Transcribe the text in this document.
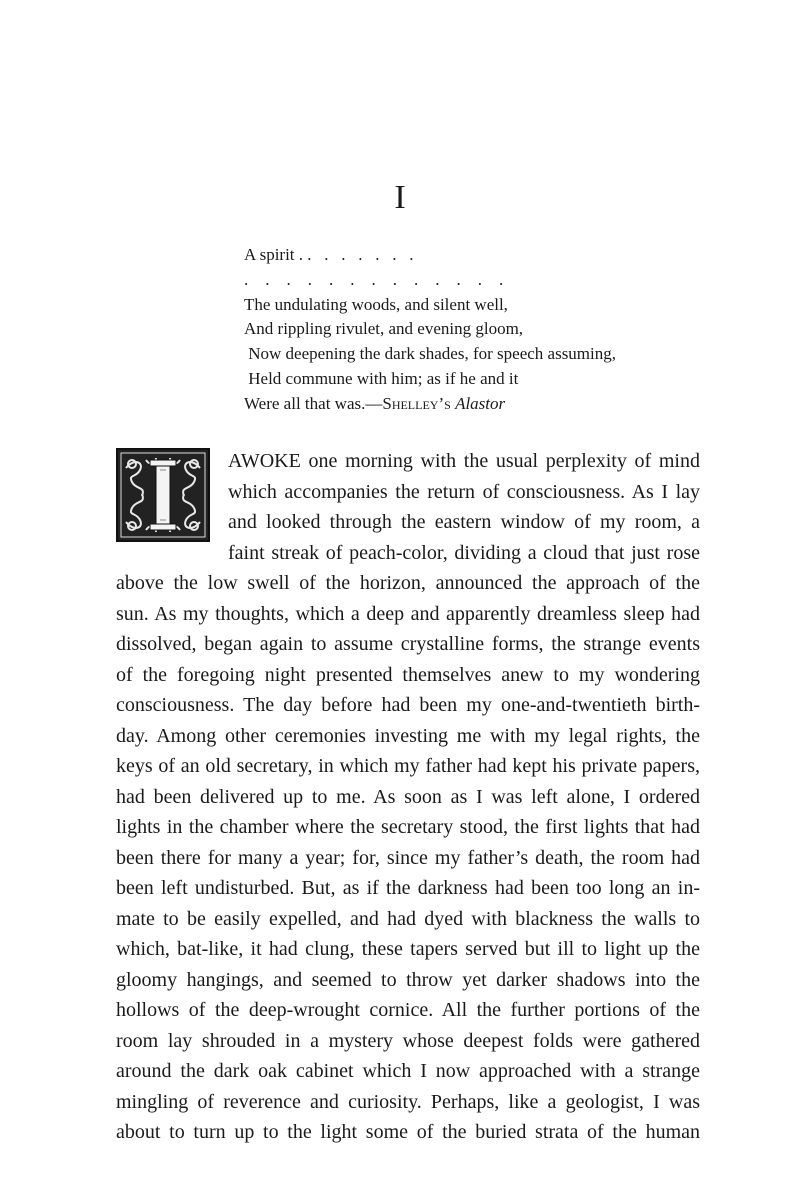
I
A spirit . .   .   .   .   .   .   .
.    .    .    .    .    .    .    .    .    .    .    .    .
The undulating woods, and silent well,
And rippling rivulet, and evening gloom,
Now deepening the dark shades, for speech assuming,
Held commune with him; as if he and it
Were all that was.—Shelley’s Alastor
AWOKE one morning with the usual perplexity of mind
which accompanies the return of consciousness. As I lay
and looked through the eastern window of my room, a
faint streak of peach-color, dividing a cloud that just rose
above the low swell of the horizon, announced the approach of the
sun. As my thoughts, which a deep and apparently dreamless sleep had
dissolved, began again to assume crystalline forms, the strange events
of the foregoing night presented themselves anew to my wondering
consciousness. The day before had been my one-and-twentieth birth-
day. Among other ceremonies investing me with my legal rights, the
keys of an old secretary, in which my father had kept his private papers,
had been delivered up to me. As soon as I was left alone, I ordered
lights in the chamber where the secretary stood, the first lights that had
been there for many a year; for, since my father’s death, the room had
been left undisturbed. But, as if the darkness had been too long an in-
mate to be easily expelled, and had dyed with blackness the walls to
which, bat-like, it had clung, these tapers served but ill to light up the
gloomy hangings, and seemed to throw yet darker shadows into the
hollows of the deep-wrought cornice. All the further portions of the
room lay shrouded in a mystery whose deepest folds were gathered
around the dark oak cabinet which I now approached with a strange
mingling of reverence and curiosity. Perhaps, like a geologist, I was
about to turn up to the light some of the buried strata of the human
